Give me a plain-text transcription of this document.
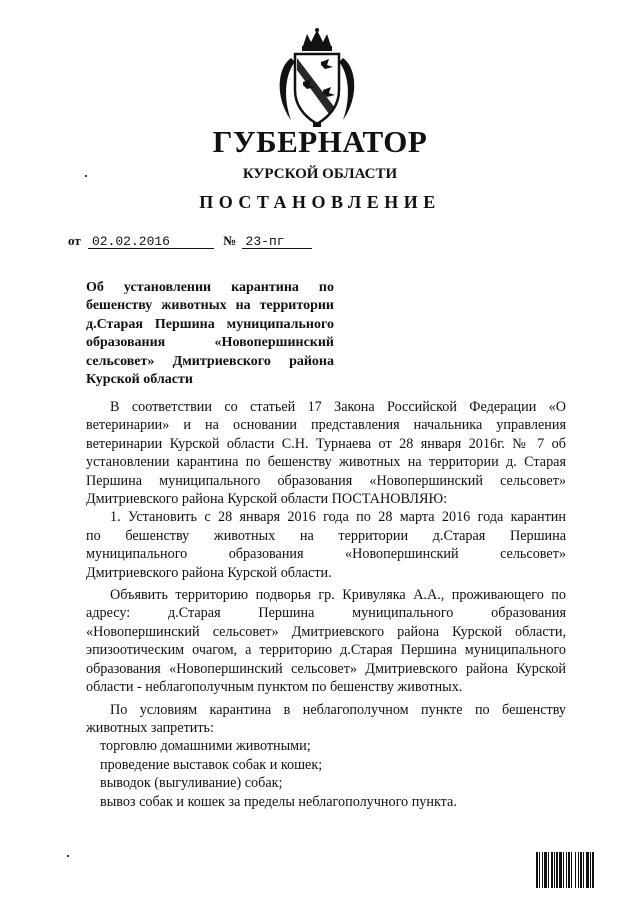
ГУБЕРНАТОР
КУРСКОЙ ОБЛАСТИ
ПОСТАНОВЛЕНИЕ
от 02.02.2016	№ 23-пг
Об установлении карантина по
бешенству животных на территории
д.Старая Першина муниципального
образования «Новопершинский
сельсовет» Дмитриевского района
Курской области
В соответствии со статьей 17 Закона Российской Федерации «О
ветеринарии» и на основании представления начальника управления
ветеринарии Курской области С.Н. Турнаева от 28 января 2016г. № 7 об
установлении карантина по бешенству животных на территории д. Старая
Першина муниципального образования «Новопершинский сельсовет»
Дмитриевского района Курской области ПОСТАНОВЛЯЮ:
1. Установить с 28 января 2016 года по 28 марта 2016 года карантин
по бешенству животных на территории д.Старая Першина
муниципального образования «Новопершинский сельсовет»
Дмитриевского района Курской области.
Объявить территорию подворья гр. Кривуляка А.А., проживающего по
адресу: д.Старая Першина муниципального образования
«Новопершинский сельсовет» Дмитриевского района Курской области,
эпизоотическим очагом, а территорию д.Старая Першина муниципального
образования «Новопершинский сельсовет» Дмитриевского района Курской
области - неблагополучным пунктом по бешенству животных.
По условиям карантина в неблагополучном пункте по бешенству
животных запретить:
торговлю домашними животными;
проведение выставок собак и кошек;
выводок (выгуливание) собак;
вывоз собак и кошек за пределы неблагополучного пункта.
